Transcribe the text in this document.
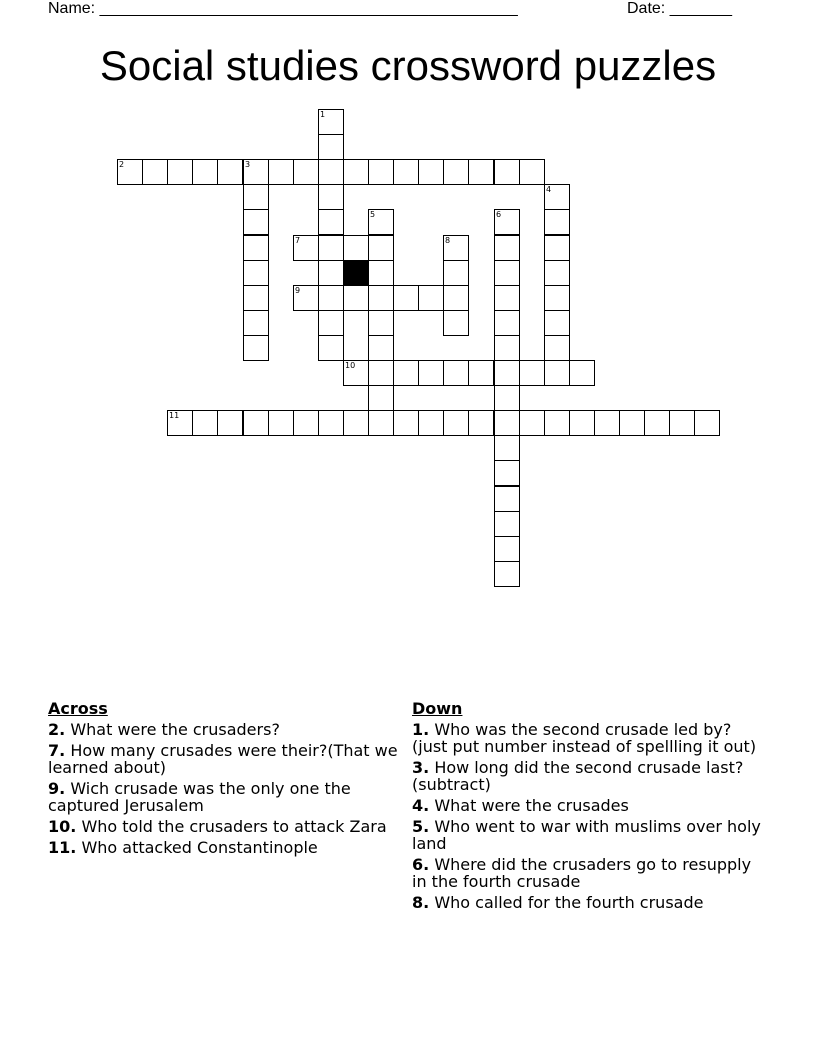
Name: _______________________________________________	Date: _______
Social studies crossword puzzles
1
2	3
4
5	6
7	8
9
10
11
Across
2. What were the crusaders?
7. How many crusades were their?(That we learned about)
9. Wich crusade was the only one the captured Jerusalem
10. Who told the crusaders to attack Zara
11. Who attacked Constantinople
Down
1. Who was the second crusade led by?(just put number instead of spellling it out)
3. How long did the second crusade last?(subtract)
4. What were the crusades
5. Who went to war with muslims over holy land
6. Where did the crusaders go to resupply in the fourth crusade
8. Who called for the fourth crusade
